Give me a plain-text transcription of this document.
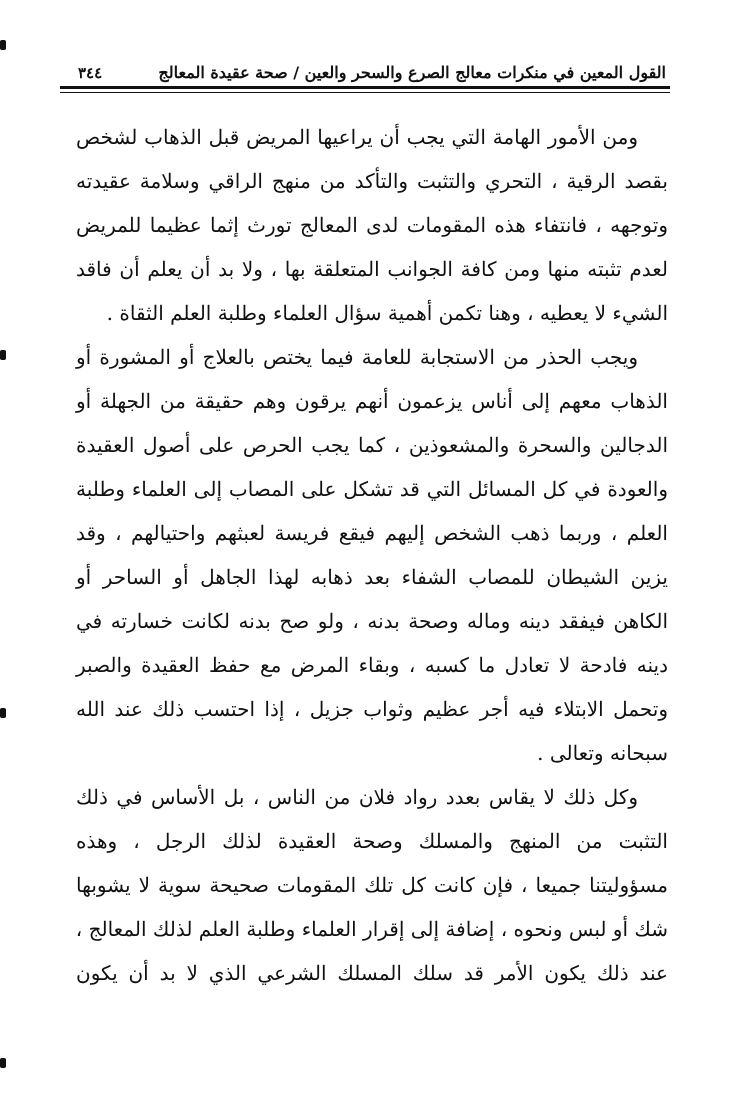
القول المعين في منكرات معالج الصرع والسحر والعين / صحة عقيدة المعالج
٣٤٤

ومن الأمور الهامة التي يجب أن يراعيها المريض قبل الذهاب لشخص
بقصد الرقية ، التحري والتثبت والتأكد من منهج الراقي وسلامة عقيدته
وتوجهه ، فانتفاء هذه المقومات لدى المعالج تورث إثما عظيما للمريض
لعدم تثبته منها ومن كافة الجوانب المتعلقة بها ، ولا بد أن يعلم أن فاقد
الشيء لا يعطيه ، وهنا تكمن أهمية سؤال العلماء وطلبة العلم الثقاة .

ويجب الحذر من الاستجابة للعامة فيما يختص بالعلاج أو المشورة أو
الذهاب معهم إلى أناس يزعمون أنهم يرقون وهم حقيقة من الجهلة أو
الدجالين والسحرة والمشعوذين ، كما يجب الحرص على أصول العقيدة
والعودة في كل المسائل التي قد تشكل على المصاب إلى العلماء وطلبة
العلم ، وربما ذهب الشخص إليهم فيقع فريسة لعبثهم واحتيالهم ، وقد
يزين الشيطان للمصاب الشفاء بعد ذهابه لهذا الجاهل أو الساحر أو
الكاهن فيفقد دينه وماله وصحة بدنه ، ولو صح بدنه لكانت خسارته في
دينه فادحة لا تعادل ما كسبه ، وبقاء المرض مع حفظ العقيدة والصبر
وتحمل الابتلاء فيه أجر عظيم وثواب جزيل ، إذا احتسب ذلك عند الله
سبحانه وتعالى .

وكل ذلك لا يقاس بعدد رواد فلان من الناس ، بل الأساس في ذلك
التثبت من المنهج والمسلك وصحة العقيدة لذلك الرجل ، وهذه
مسؤوليتنا جميعا ، فإن كانت كل تلك المقومات صحيحة سوية لا يشوبها
شك أو لبس ونحوه ، إضافة إلى إقرار العلماء وطلبة العلم لذلك المعالج ،
عند ذلك يكون الأمر قد سلك المسلك الشرعي الذي لا بد أن يكون
